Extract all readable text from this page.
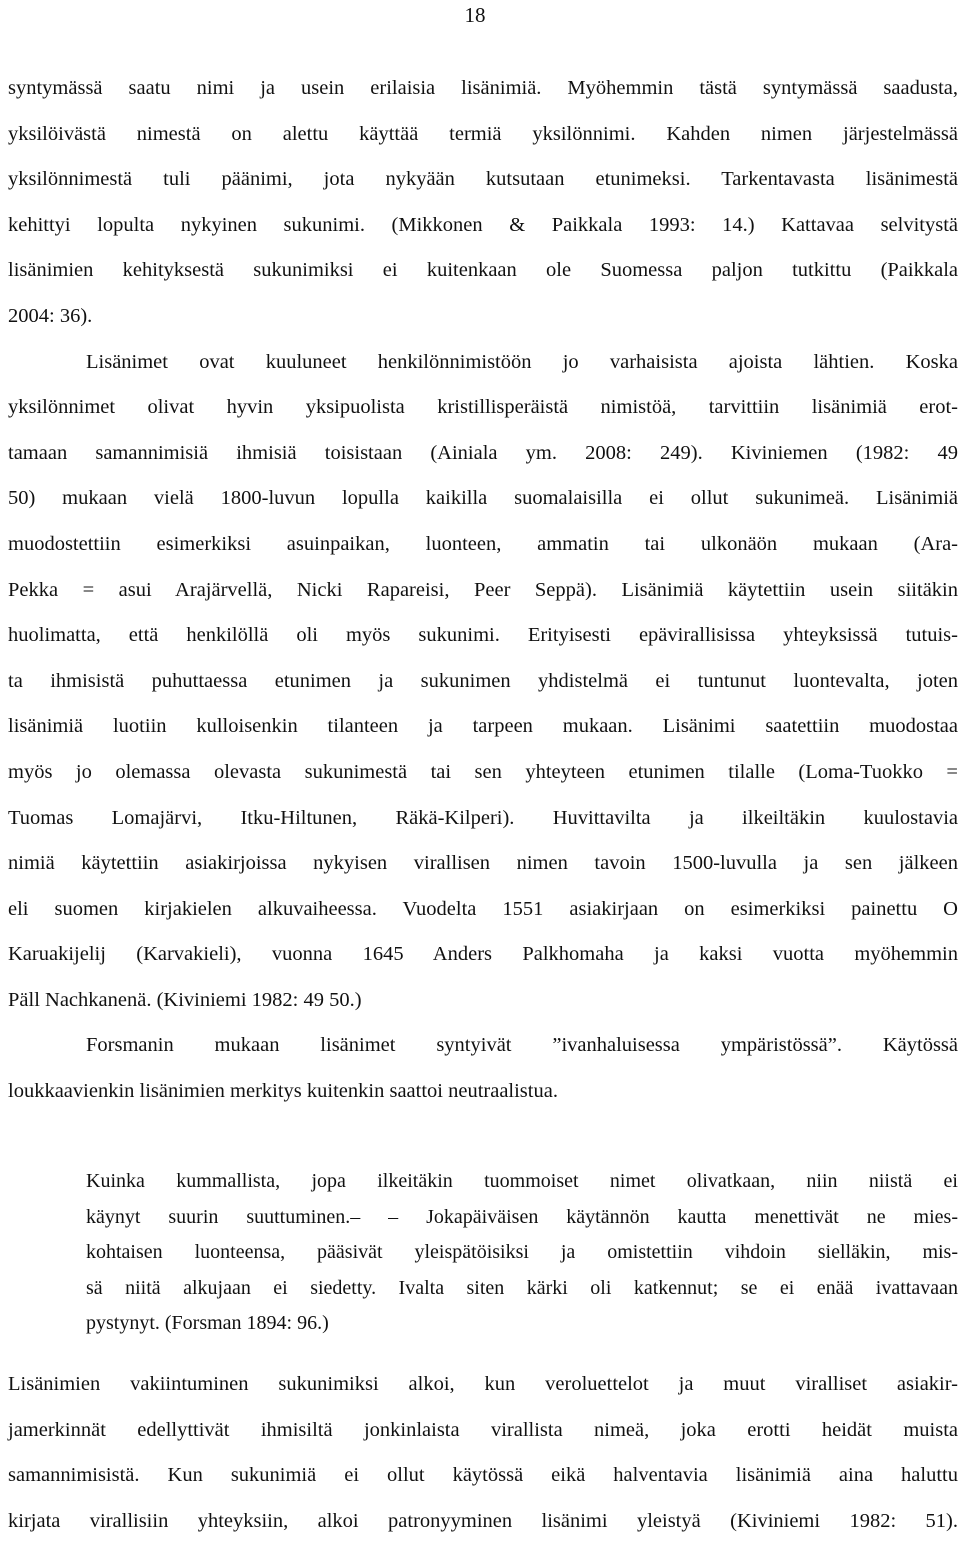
18
syntymässä saatu nimi ja usein erilaisia lisänimiä. Myöhemmin tästä syntymässä saadusta,
yksilöivästä nimestä on alettu käyttää termiä yksilönnimi. Kahden nimen järjestelmässä
yksilönnimestä tuli päänimi, jota nykyään kutsutaan etunimeksi. Tarkentavasta lisänimestä
kehittyi lopulta nykyinen sukunimi. (Mikkonen & Paikkala 1993: 14.) Kattavaa selvitystä
lisänimien kehityksestä sukunimiksi ei kuitenkaan ole Suomessa paljon tutkittu (Paikkala
2004: 36).
Lisänimet ovat kuuluneet henkilönnimistöön jo varhaisista ajoista lähtien. Koska
yksilönnimet olivat hyvin yksipuolista kristillisperäistä nimistöä, tarvittiin lisänimiä erot-
tamaan samannimisiä ihmisiä toisistaan (Ainiala ym. 2008: 249). Kiviniemen (1982: 49
50) mukaan vielä 1800-luvun lopulla kaikilla suomalaisilla ei ollut sukunimeä. Lisänimiä
muodostettiin esimerkiksi asuinpaikan, luonteen, ammatin tai ulkonäön mukaan (Ara-
Pekka = asui Arajärvellä, Nicki Rapareisi, Peer Seppä). Lisänimiä käytettiin usein siitäkin
huolimatta, että henkilöllä oli myös sukunimi. Erityisesti epävirallisissa yhteyksissä tutuis-
ta ihmisistä puhuttaessa etunimen ja sukunimen yhdistelmä ei tuntunut luontevalta, joten
lisänimiä luotiin kulloisenkin tilanteen ja tarpeen mukaan. Lisänimi saatettiin muodostaa
myös jo olemassa olevasta sukunimestä tai sen yhteyteen etunimen tilalle (Loma-Tuokko =
Tuomas Lomajärvi, Itku-Hiltunen, Räkä-Kilperi). Huvittavilta ja ilkeiltäkin kuulostavia
nimiä käytettiin asiakirjoissa nykyisen virallisen nimen tavoin 1500-luvulla ja sen jälkeen
eli suomen kirjakielen alkuvaiheessa. Vuodelta 1551 asiakirjaan on esimerkiksi painettu O
Karuakijelij (Karvakieli), vuonna 1645 Anders Palkhomaha ja kaksi vuotta myöhemmin
Päll Nachkanenä. (Kiviniemi 1982: 49 50.)
Forsmanin mukaan lisänimet syntyivät ”ivanhaluisessa ympäristössä”. Käytössä
loukkaavienkin lisänimien merkitys kuitenkin saattoi neutraalistua.
Kuinka kummallista, jopa ilkeitäkin tuommoiset nimet olivatkaan, niin niistä ei
käynyt suurin suuttuminen.– – Jokapäiväisen käytännön kautta menettivät ne mies-
kohtaisen luonteensa, pääsivät yleispätöisiksi ja omistettiin vihdoin sielläkin, mis-
sä niitä alkujaan ei siedetty. Ivalta siten kärki oli katkennut; se ei enää ivattavaan
pystynyt. (Forsman 1894: 96.)
Lisänimien vakiintuminen sukunimiksi alkoi, kun veroluettelot ja muut viralliset asiakir-
jamerkinnät edellyttivät ihmisiltä jonkinlaista virallista nimeä, joka erotti heidät muista
samannimisistä. Kun sukunimiä ei ollut käytössä eikä halventavia lisänimiä aina haluttu
kirjata virallisiin yhteyksiin, alkoi patronyyminen lisänimi yleistyä (Kiviniemi 1982: 51).
